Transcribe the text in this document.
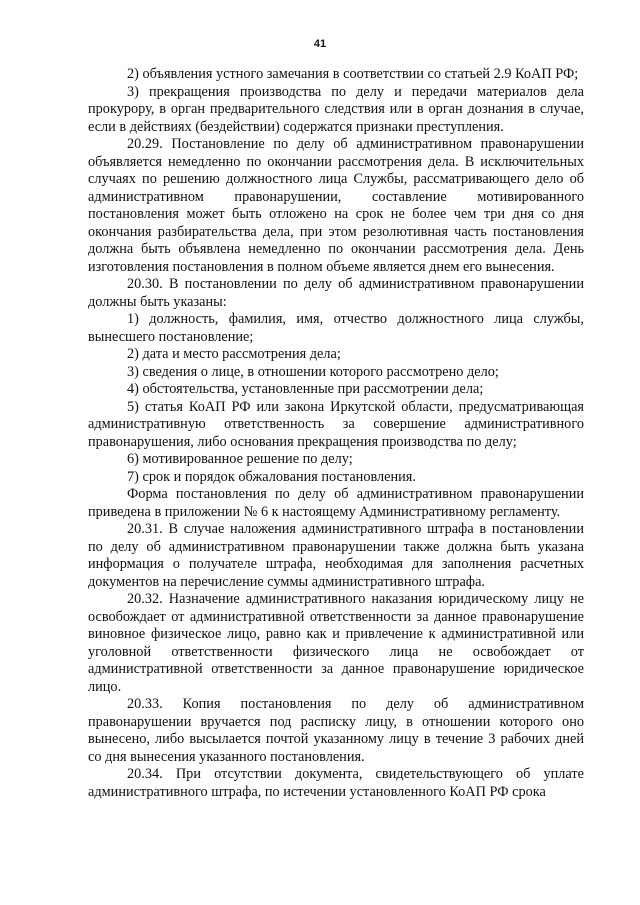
41

2) объявления устного замечания в соответствии со статьей 2.9 КоАП РФ;

3) прекращения производства по делу и передачи материалов дела прокурору, в орган предварительного следствия или в орган дознания в случае, если в действиях (бездействии) содержатся признаки преступления.

20.29. Постановление по делу об административном правонарушении объявляется немедленно по окончании рассмотрения дела. В исключительных случаях по решению должностного лица Службы, рассматривающего дело об административном правонарушении, составление мотивированного постановления может быть отложено на срок не более чем три дня со дня окончания разбирательства дела, при этом резолютивная часть постановления должна быть объявлена немедленно по окончании рассмотрения дела. День изготовления постановления в полном объеме является днем его вынесения.

20.30. В постановлении по делу об административном правонарушении должны быть указаны:

1) должность, фамилия, имя, отчество должностного лица службы, вынесшего постановление;

2) дата и место рассмотрения дела;

3) сведения о лице, в отношении которого рассмотрено дело;

4) обстоятельства, установленные при рассмотрении дела;

5) статья КоАП РФ или закона Иркутской области, предусматривающая административную ответственность за совершение административного правонарушения, либо основания прекращения производства по делу;

6) мотивированное решение по делу;

7) срок и порядок обжалования постановления.

Форма постановления по делу об административном правонарушении приведена в приложении № 6 к настоящему Административному регламенту.

20.31. В случае наложения административного штрафа в постановлении по делу об административном правонарушении также должна быть указана информация о получателе штрафа, необходимая для заполнения расчетных документов на перечисление суммы административного штрафа.

20.32. Назначение административного наказания юридическому лицу не освобождает от административной ответственности за данное правонарушение виновное физическое лицо, равно как и привлечение к административной или уголовной ответственности физического лица не освобождает от административной ответственности за данное правонарушение юридическое лицо.

20.33. Копия постановления по делу об административном правонарушении вручается под расписку лицу, в отношении которого оно вынесено, либо высылается почтой указанному лицу в течение 3 рабочих дней со дня вынесения указанного постановления.

20.34. При отсутствии документа, свидетельствующего об уплате административного штрафа, по истечении установленного КоАП РФ срока
